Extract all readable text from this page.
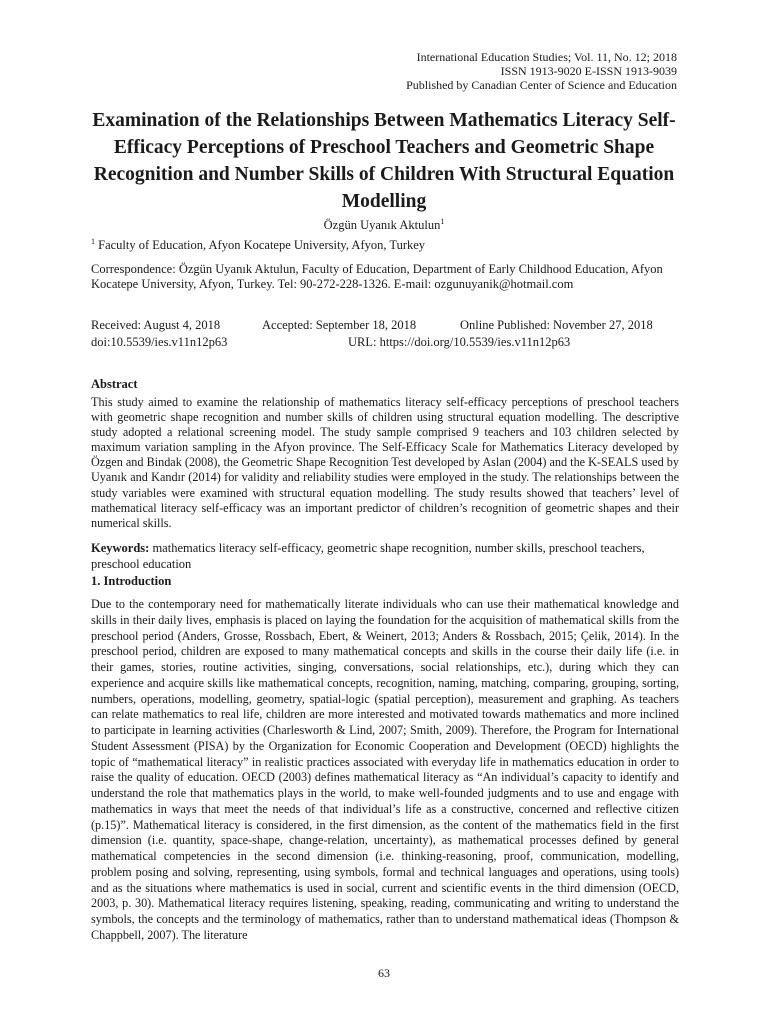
International Education Studies; Vol. 11, No. 12; 2018
ISSN 1913-9020 E-ISSN 1913-9039
Published by Canadian Center of Science and Education
Examination of the Relationships Between Mathematics Literacy Self-Efficacy Perceptions of Preschool Teachers and Geometric Shape Recognition and Number Skills of Children With Structural Equation Modelling
Özgün Uyanık Aktulun$^1$
$^1$ Faculty of Education, Afyon Kocatepe University, Afyon, Turkey
Correspondence: Özgün Uyanık Aktulun, Faculty of Education, Department of Early Childhood Education, Afyon Kocatepe University, Afyon, Turkey. Tel: 90-272-228-1326. E-mail: ozgunuyanik@hotmail.com
Received: August 4, 2018	Accepted: September 18, 2018	Online Published: November 27, 2018
doi:10.5539/ies.v11n12p63	URL: https://doi.org/10.5539/ies.v11n12p63
Abstract

This study aimed to examine the relationship of mathematics literacy self-efficacy perceptions of preschool teachers with geometric shape recognition and number skills of children using structural equation modelling. The descriptive study adopted a relational screening model. The study sample comprised 9 teachers and 103 children selected by maximum variation sampling in the Afyon province. The Self-Efficacy Scale for Mathematics Literacy developed by Özgen and Bindak (2008), the Geometric Shape Recognition Test developed by Aslan (2004) and the K-SEALS used by Uyanık and Kandır (2014) for validity and reliability studies were employed in the study. The relationships between the study variables were examined with structural equation modelling. The study results showed that teachers’ level of mathematical literacy self-efficacy was an important predictor of children’s recognition of geometric shapes and their numerical skills.

Keywords: mathematics literacy self-efficacy, geometric shape recognition, number skills, preschool teachers, preschool education

1. Introduction

Due to the contemporary need for mathematically literate individuals who can use their mathematical knowledge and skills in their daily lives, emphasis is placed on laying the foundation for the acquisition of mathematical skills from the preschool period (Anders, Grosse, Rossbach, Ebert, & Weinert, 2013; Anders & Rossbach, 2015; Çelik, 2014). In the preschool period, children are exposed to many mathematical concepts and skills in the course their daily life (i.e. in their games, stories, routine activities, singing, conversations, social relationships, etc.), during which they can experience and acquire skills like mathematical concepts, recognition, naming, matching, comparing, grouping, sorting, numbers, operations, modelling, geometry, spatial-logic (spatial perception), measurement and graphing. As teachers can relate mathematics to real life, children are more interested and motivated towards mathematics and more inclined to participate in learning activities (Charlesworth & Lind, 2007; Smith, 2009). Therefore, the Program for International Student Assessment (PISA) by the Organization for Economic Cooperation and Development (OECD) highlights the topic of “mathematical literacy” in realistic practices associated with everyday life in mathematics education in order to raise the quality of education. OECD (2003) defines mathematical literacy as “An individual’s capacity to identify and understand the role that mathematics plays in the world, to make well-founded judgments and to use and engage with mathematics in ways that meet the needs of that individual’s life as a constructive, concerned and reflective citizen (p.15)”. Mathematical literacy is considered, in the first dimension, as the content of the mathematics field in the first dimension (i.e. quantity, space-shape, change-relation, uncertainty), as mathematical processes defined by general mathematical competencies in the second dimension (i.e. thinking-reasoning, proof, communication, modelling, problem posing and solving, representing, using symbols, formal and technical languages and operations, using tools) and as the situations where mathematics is used in social, current and scientific events in the third dimension (OECD, 2003, p. 30). Mathematical literacy requires listening, speaking, reading, communicating and writing to understand the symbols, the concepts and the terminology of mathematics, rather than to understand mathematical ideas (Thompson & Chappbell, 2007). The literature

63
